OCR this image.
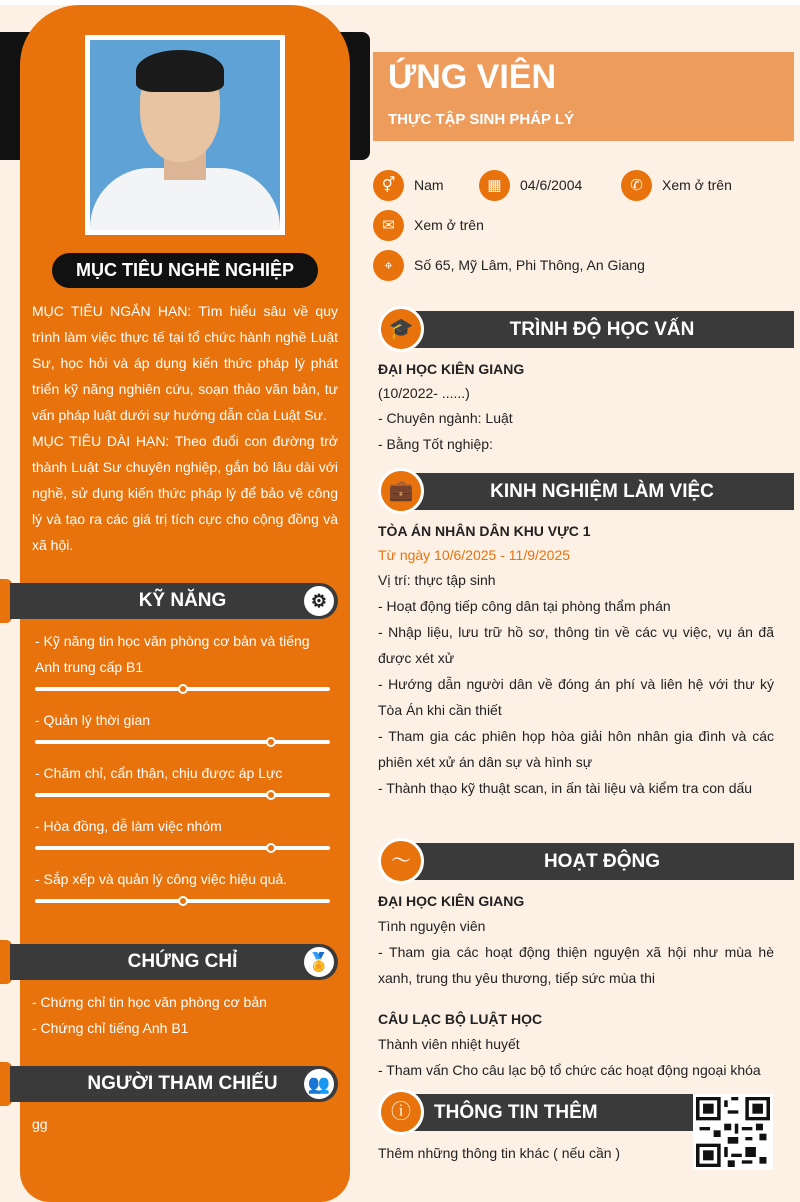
MỤC TIÊU NGHỀ NGHIỆP
MỤC TIÊU NGẮN HẠN: Tìm hiểu sâu về quy trình làm việc thực tế tại tổ chức hành nghề Luật Sư, học hỏi và áp dụng kiến thức pháp lý phát triển kỹ năng nghiên cứu, soạn thảo văn bản, tư vấn pháp luật dưới sự hướng dẫn của Luật Sư.
MỤC TIÊU DÀI HẠN: Theo đuổi con đường trở thành Luật Sư chuyên nghiệp, gắn bó lâu dài với nghề, sử dụng kiến thức pháp lý để bảo vệ công lý và tạo ra các giá trị tích cực cho cộng đồng và xã hội.
KỸ NĂNG	⚙
- Kỹ năng tin học văn phòng cơ bản và tiếng Anh trung cấp B1
- Quản lý thời gian
- Chăm chỉ, cẩn thận, chịu được áp Lực
- Hòa đồng, dễ làm việc nhóm
- Sắp xếp và quản lý công việc hiệu quả.
CHỨNG CHỈ	🏅
- Chứng chỉ tin học văn phòng cơ bản
- Chứng chỉ tiếng Anh B1
NGƯỜI THAM CHIẾU	👥
gg
ỨNG VIÊN
THỰC TẬP SINH PHÁP LÝ
⚥	Nam	▦	04/6/2004	✆	Xem ở trên
✉	Xem ở trên
⌖	Số 65, Mỹ Lâm, Phi Thông, An Giang
TRÌNH ĐỘ HỌC VẤN
🎓
ĐẠI HỌC KIÊN GIANG
(10/2022- ......)
- Chuyên ngành: Luật
- Bằng Tốt nghiệp:
KINH NGHIỆM LÀM VIỆC
💼
TÒA ÁN NHÂN DÂN KHU VỰC 1
Từ ngày 10/6/2025 - 11/9/2025
Vị trí: thực tập sinh
- Hoạt động tiếp công dân tại phòng thẩm phán
- Nhập liệu, lưu trữ hồ sơ, thông tin về các vụ việc, vụ án đã được xét xử
- Hướng dẫn người dân về đóng án phí và liên hệ với thư ký Tòa Án khi cần thiết
- Tham gia các phiên họp hòa giải hôn nhân gia đình và các phiên xét xử án dân sự và hình sự
- Thành thạo kỹ thuật scan, in ấn tài liệu và kiểm tra con dấu
HOẠT ĐỘNG
〜
ĐẠI HỌC KIÊN GIANG
Tình nguyện viên
- Tham gia các hoạt động thiện nguyện xã hội như mùa hè xanh, trung thu yêu thương, tiếp sức mùa thi
CÂU LẠC BỘ LUẬT HỌC
Thành viên nhiệt huyết
- Tham vấn Cho câu lạc bộ tổ chức các hoạt động ngoại khóa
THÔNG TIN THÊM
ⓘ
Thêm những thông tin khác ( nếu cần )
